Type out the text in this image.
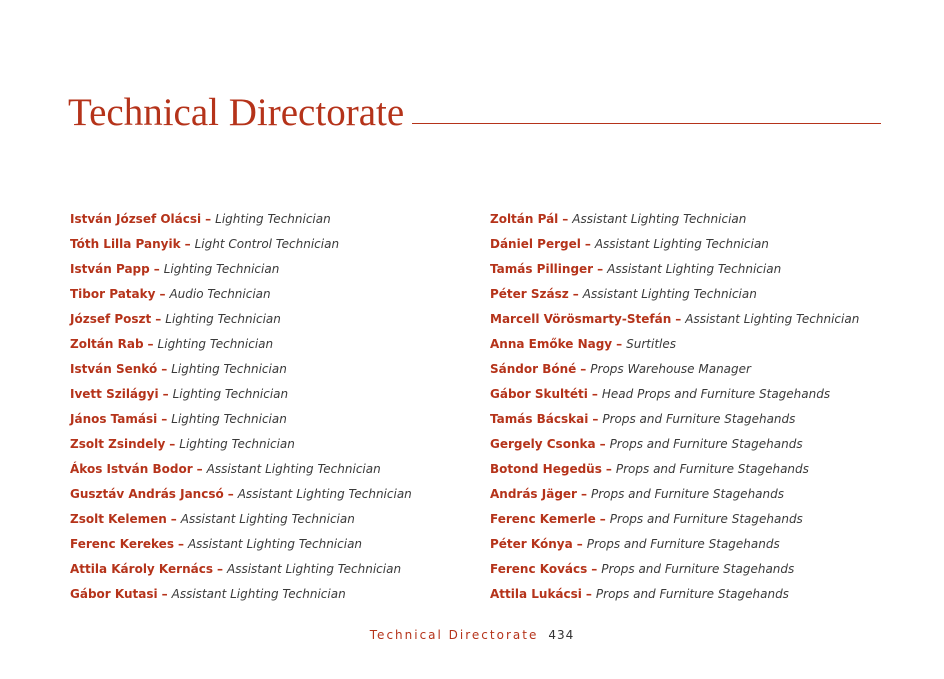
Technical Directorate
István József Olácsi – Lighting Technician
Tóth Lilla Panyik – Light Control Technician
István Papp – Lighting Technician
Tibor Pataky – Audio Technician
József Poszt – Lighting Technician
Zoltán Rab – Lighting Technician
István Senkó – Lighting Technician
Ivett Szilágyi – Lighting Technician
János Tamási – Lighting Technician
Zsolt Zsindely – Lighting Technician
Ákos István Bodor – Assistant Lighting Technician
Gusztáv András Jancsó – Assistant Lighting Technician
Zsolt Kelemen – Assistant Lighting Technician
Ferenc Kerekes – Assistant Lighting Technician
Attila Károly Kernács – Assistant Lighting Technician
Gábor Kutasi – Assistant Lighting Technician
Zoltán Pál – Assistant Lighting Technician
Dániel Pergel – Assistant Lighting Technician
Tamás Pillinger – Assistant Lighting Technician
Péter Szász – Assistant Lighting Technician
Marcell Vörösmarty-Stefán – Assistant Lighting Technician
Anna Emőke Nagy – Surtitles
Sándor Bóné – Props Warehouse Manager
Gábor Skultéti – Head Props and Furniture Stagehands
Tamás Bácskai – Props and Furniture Stagehands
Gergely Csonka – Props and Furniture Stagehands
Botond Hegedüs – Props and Furniture Stagehands
András Jäger – Props and Furniture Stagehands
Ferenc Kemerle – Props and Furniture Stagehands
Péter Kónya – Props and Furniture Stagehands
Ferenc Kovács – Props and Furniture Stagehands
Attila Lukácsi – Props and Furniture Stagehands
Technical Directorate 434
